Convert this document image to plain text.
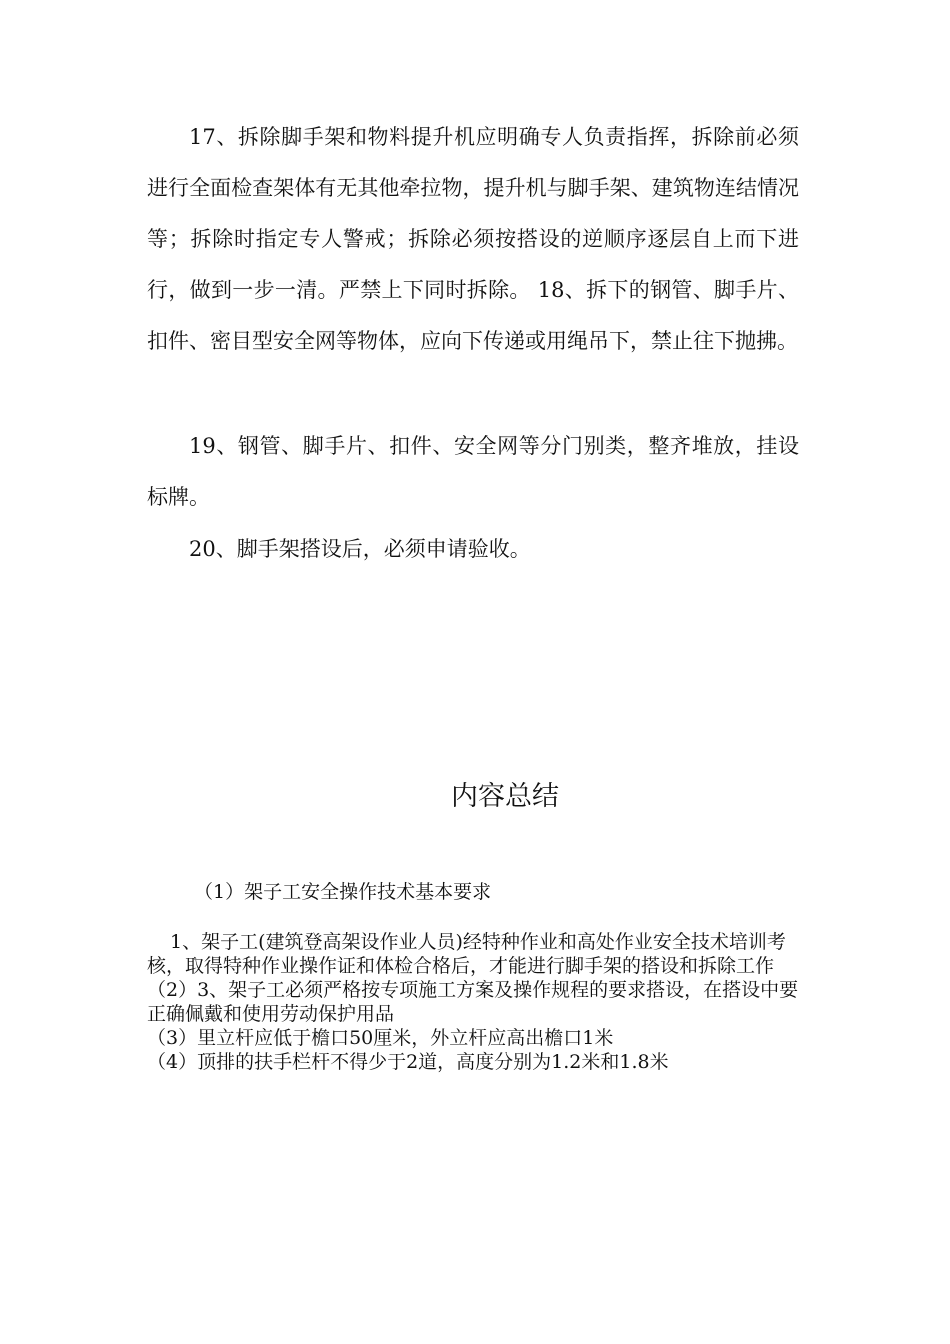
17、拆除脚手架和物料提升机应明确专人负责指挥，拆除前必须进行全面检查架体有无其他牵拉物，提升机与脚手架、建筑物连结情况等；拆除时指定专人警戒；拆除必须按搭设的逆顺序逐层自上而下进行，做到一步一清。严禁上下同时拆除。 18、拆下的钢管、脚手片、扣件、密目型安全网等物体，应向下传递或用绳吊下，禁止往下抛拂。

19、钢管、脚手片、扣件、安全网等分门别类，整齐堆放，挂设标牌。

20、脚手架搭设后，必须申请验收。

内容总结

（1）架子工安全操作技术基本要求

1、架子工(建筑登高架设作业人员)经特种作业和高处作业安全技术培训考核，取得特种作业操作证和体检合格后，才能进行脚手架的搭设和拆除工作

（2）3、架子工必须严格按专项施工方案及操作规程的要求搭设，在搭设中要正确佩戴和使用劳动保护用品

（3）里立杆应低于檐口50厘米，外立杆应高出檐口1米

（4）顶排的扶手栏杆不得少于2道，高度分别为1.2米和1.8米
